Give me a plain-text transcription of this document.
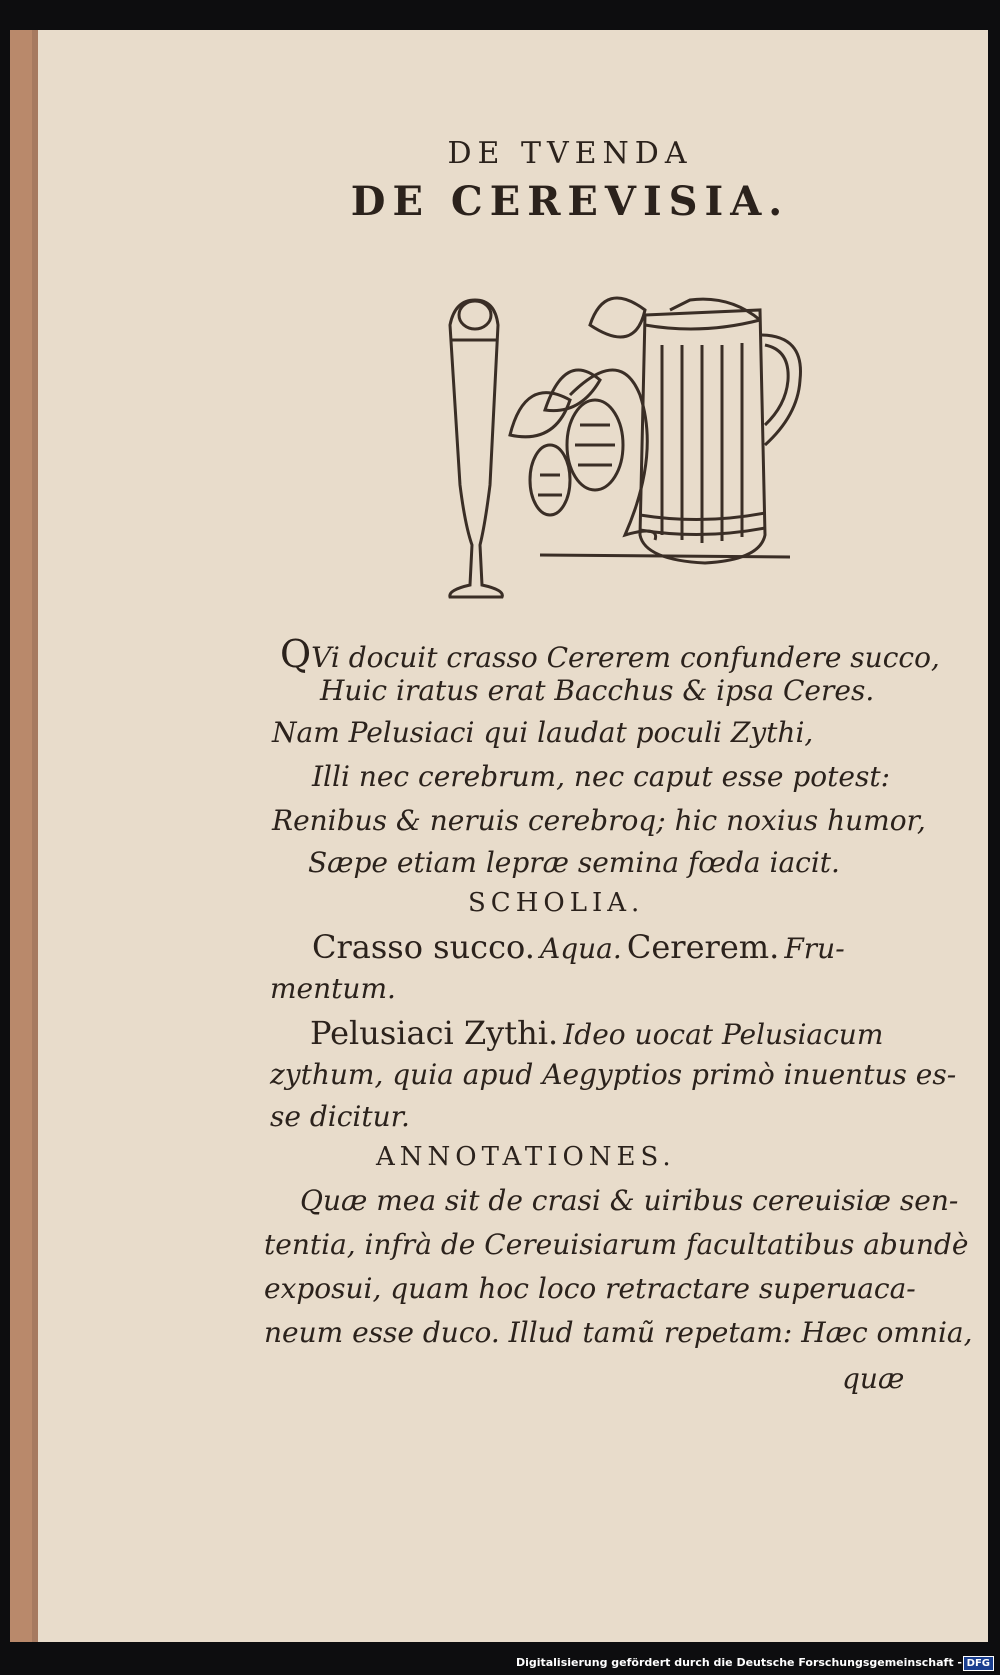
DE TVENDA
DE CEREVISIA.
QVi docuit crasso Cererem confundere succo,
Huic iratus erat Bacchus & ipsa Ceres.
Nam Pelusiaci qui laudat poculi Zythi,
Illi nec cerebrum, nec caput esse potest:
Renibus & neruis cerebroq; hic noxius humor,
Sæpe etiam lepræ semina fœda iacit.
SCHOLIA.
Crasso succo. Aqua. Cererem. Fru-
mentum.
Pelusiaci Zythi. Ideo uocat Pelusiacum
zythum, quia apud Aegyptios primò inuentus es-
se dicitur.
ANNOTATIONES.
Quæ mea sit de crasi & uiribus cereuisiæ sen-
tentia, infrà de Cereuisiarum facultatibus abundè
exposui, quam hoc loco retractare superuaca-
neum esse duco. Illud tamũ repetam: Hæc omnia,
quæ
Digitalisierung gefördert durch die Deutsche Forschungsgemeinschaft - DFG
